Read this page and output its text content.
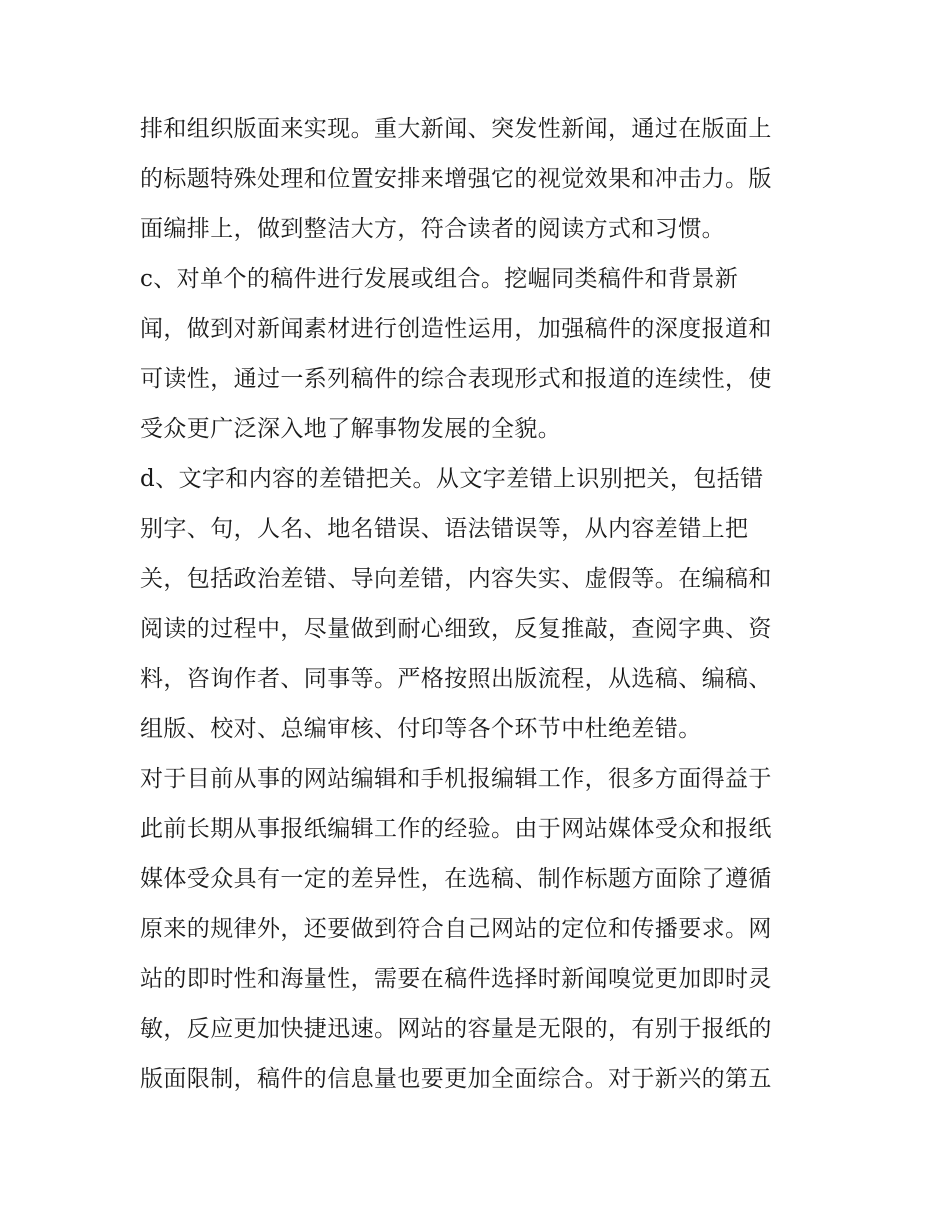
排和组织版面来实现。重大新闻、突发性新闻，通过在版面上
的标题特殊处理和位置安排来增强它的视觉效果和冲击力。版
面编排上，做到整洁大方，符合读者的阅读方式和习惯。
c、对单个的稿件进行发展或组合。挖崛同类稿件和背景新
闻，做到对新闻素材进行创造性运用，加强稿件的深度报道和
可读性，通过一系列稿件的综合表现形式和报道的连续性，使
受众更广泛深入地了解事物发展的全貌。
d、文字和内容的差错把关。从文字差错上识别把关，包括错
别字、句，人名、地名错误、语法错误等，从内容差错上把
关，包括政治差错、导向差错，内容失实、虚假等。在编稿和
阅读的过程中，尽量做到耐心细致，反复推敲，查阅字典、资
料，咨询作者、同事等。严格按照出版流程，从选稿、编稿、
组版、校对、总编审核、付印等各个环节中杜绝差错。
对于目前从事的网站编辑和手机报编辑工作，很多方面得益于
此前长期从事报纸编辑工作的经验。由于网站媒体受众和报纸
媒体受众具有一定的差异性，在选稿、制作标题方面除了遵循
原来的规律外，还要做到符合自己网站的定位和传播要求。网
站的即时性和海量性，需要在稿件选择时新闻嗅觉更加即时灵
敏，反应更加快捷迅速。网站的容量是无限的，有别于报纸的
版面限制，稿件的信息量也要更加全面综合。对于新兴的第五
